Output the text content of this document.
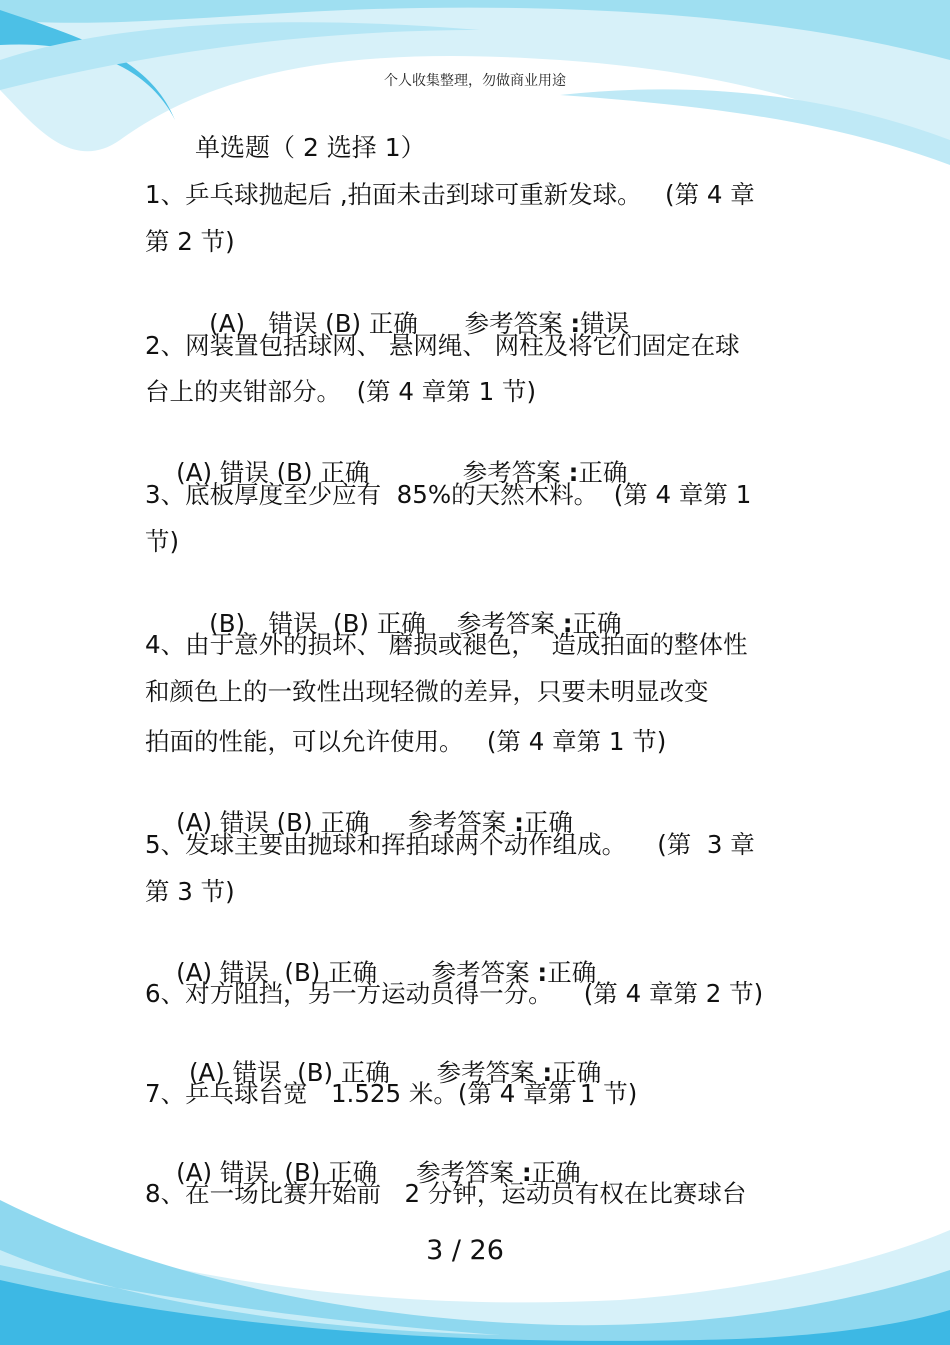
个人收集整理，勿做商业用途
单选题（ 2 选择 1）
1、乒乓球抛起后 ,拍面未击到球可重新发球。   (第 4 章
第 2 节)

(A)   错误 (B) 正确      参考答案 :错误

2、网装置包括球网、 悬网绳、 网柱及将它们固定在球
台上的夹钳部分。  (第 4 章第 1 节)

(A) 错误 (B) 正确            参考答案 :正确

3、底板厚度至少应有  85%的天然木料。  (第 4 章第 1
节)

(B)   错误  (B) 正确    参考答案 :正确

4、由于意外的损坏、 磨损或褪色，  造成拍面的整体性
和颜色上的一致性出现轻微的差异，只要未明显改变
拍面的性能，可以允许使用。   (第 4 章第 1 节)

(A) 错误 (B) 正确     参考答案 :正确

5、发球主要由抛球和挥拍球两个动作组成。    (第  3 章
第 3 节)

(A) 错误  (B) 正确       参考答案 :正确

6、对方阻挡，另一方运动员得一分。    (第 4 章第 2 节)

(A) 错误  (B) 正确      参考答案 :正确

7、乒乓球台宽   1.525 米。(第 4 章第 1 节)

(A) 错误  (B) 正确     参考答案 :正确

8、在一场比赛开始前   2 分钟，运动员有权在比赛球台
3 / 26
